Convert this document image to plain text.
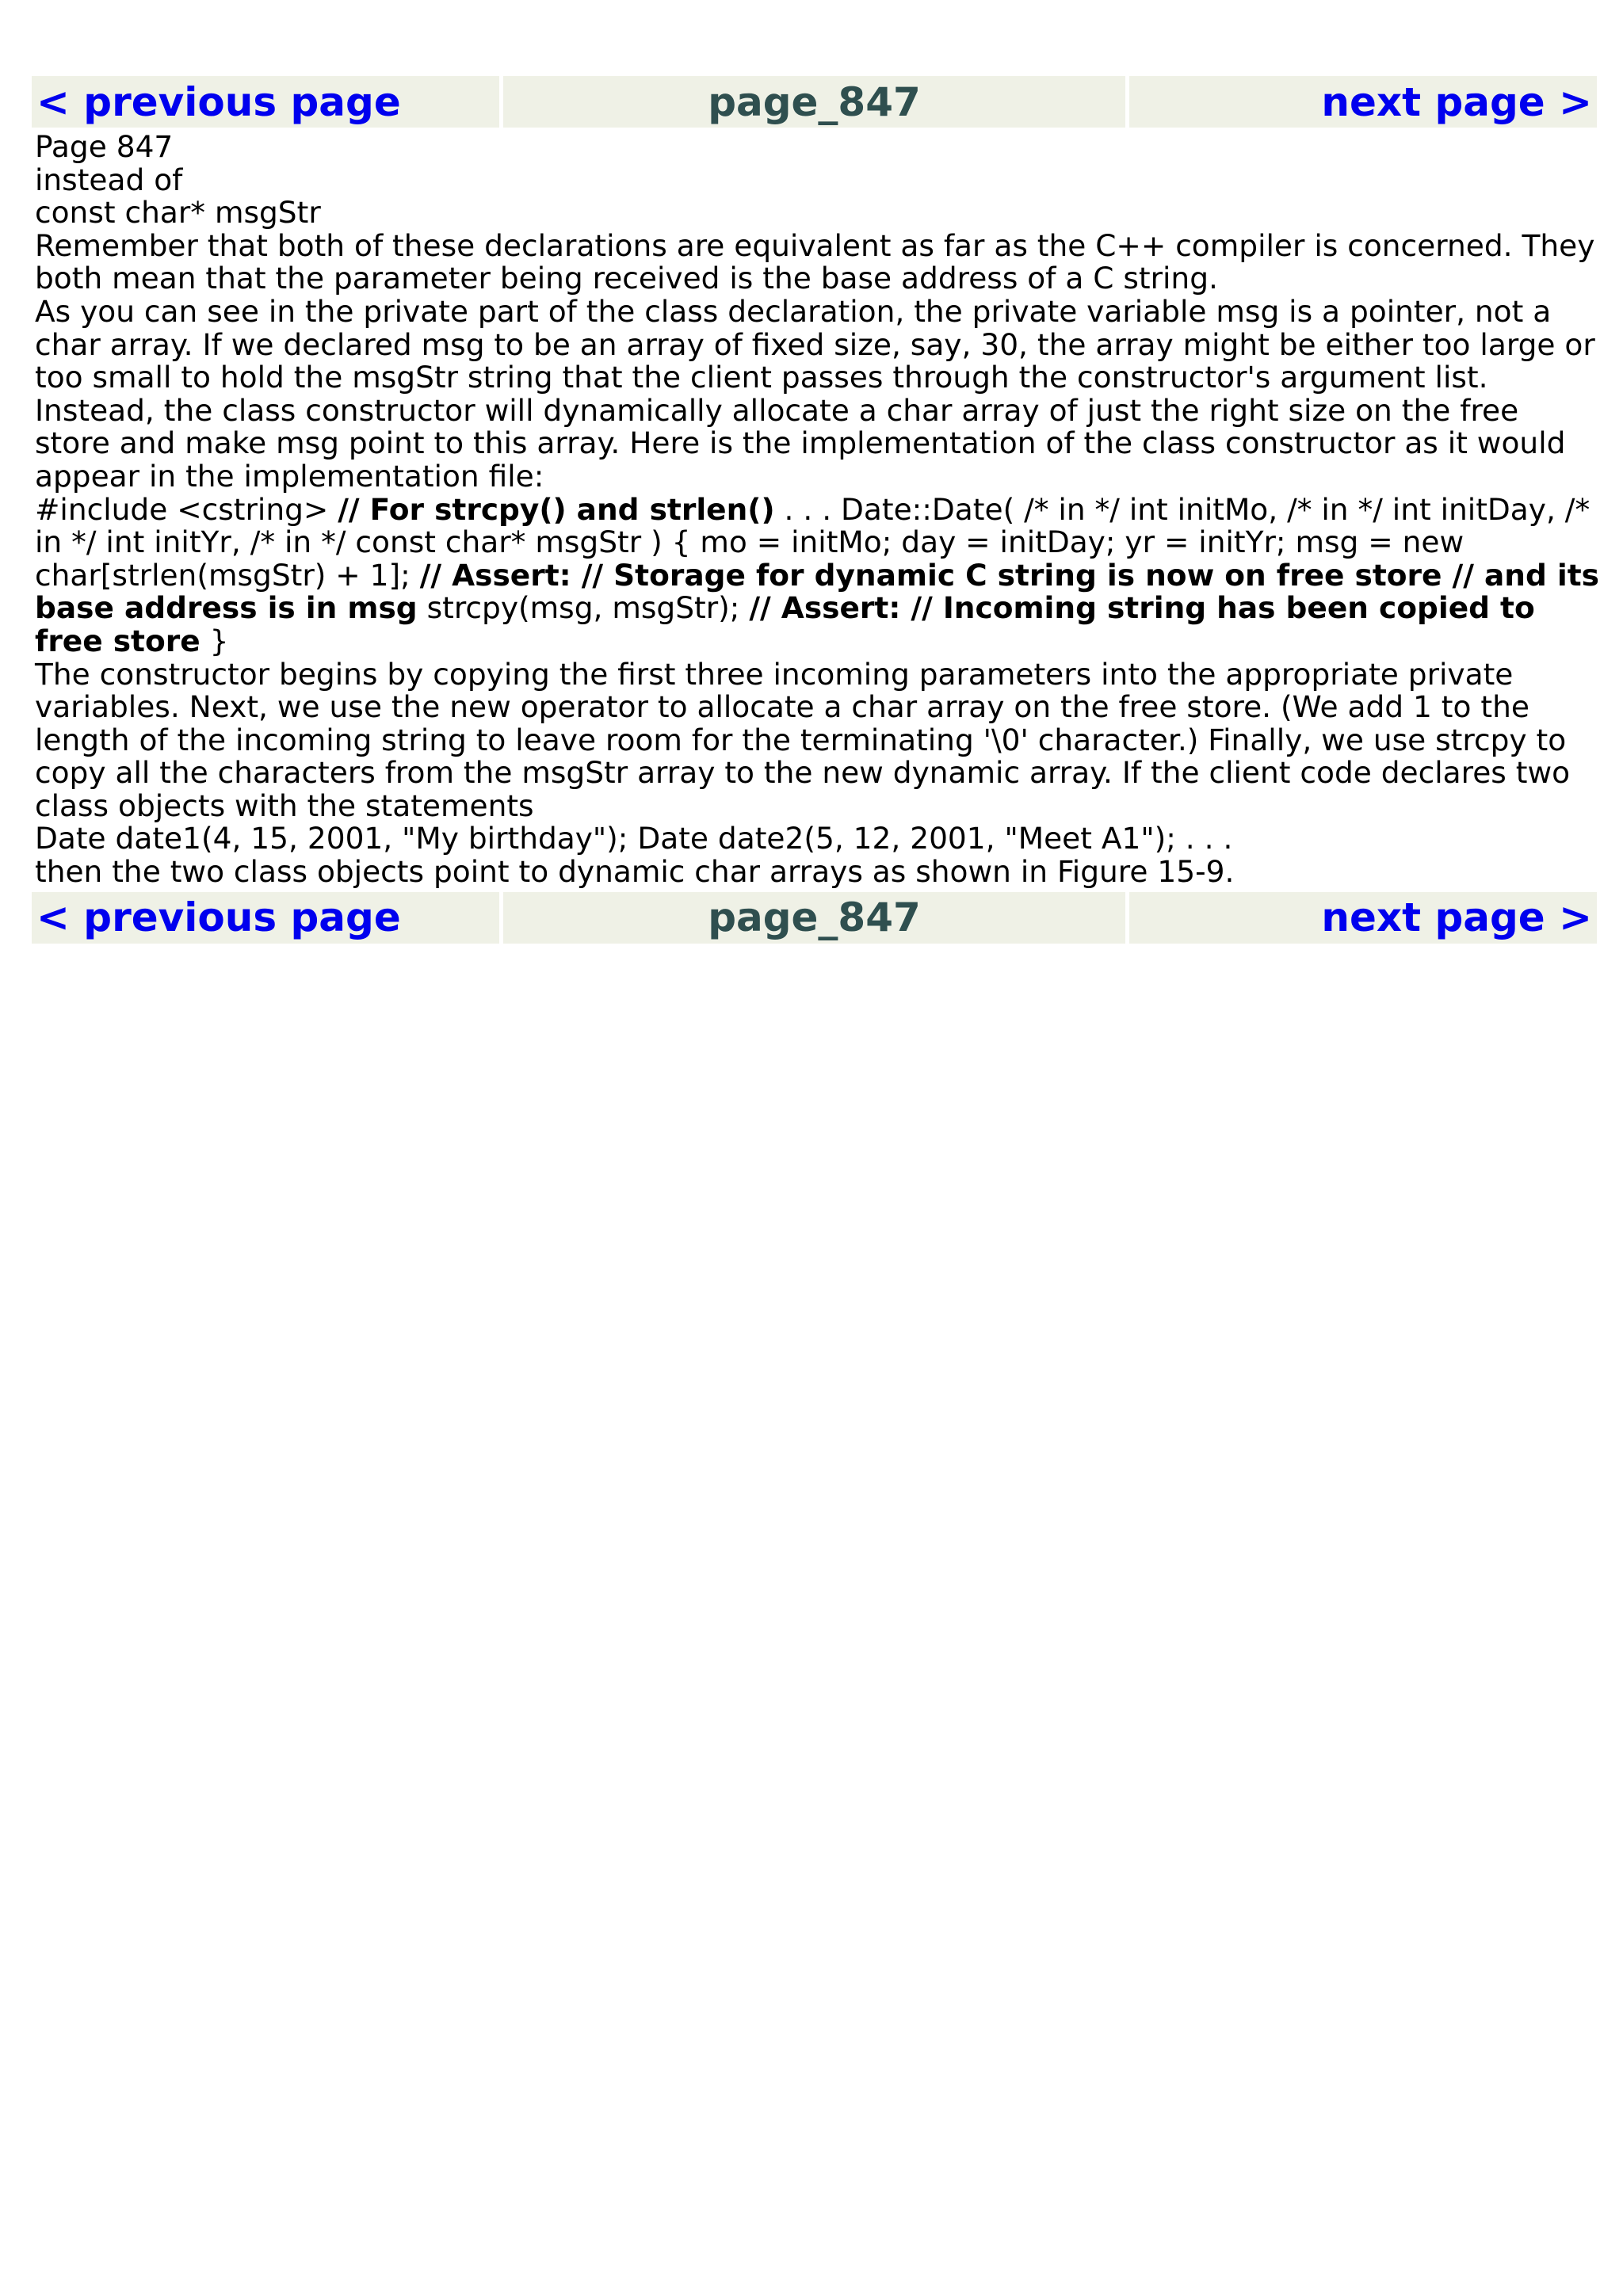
< previous page	page_847	next page >

Page 847

instead of

const char* msgStr

Remember that both of these declarations are equivalent as far as the C++ compiler is concerned. They both mean that the parameter being received is the base address of a C string.

As you can see in the private part of the class declaration, the private variable msg is a pointer, not a char array. If we declared msg to be an array of fixed size, say, 30, the array might be either too large or too small to hold the msgStr string that the client passes through the constructor's argument list. Instead, the class constructor will dynamically allocate a char array of just the right size on the free store and make msg point to this array. Here is the implementation of the class constructor as it would appear in the implementation file:

#include <cstring> // For strcpy() and strlen() . . . Date::Date( /* in */ int initMo, /* in */ int initDay, /* in */ int initYr, /* in */ const char* msgStr ) { mo = initMo; day = initDay; yr = initYr; msg = new char[strlen(msgStr) + 1]; // Assert: // Storage for dynamic C string is now on free store // and its base address is in msg strcpy(msg, msgStr); // Assert: // Incoming string has been copied to free store }

The constructor begins by copying the first three incoming parameters into the appropriate private variables. Next, we use the new operator to allocate a char array on the free store. (We add 1 to the length of the incoming string to leave room for the terminating '\0' character.) Finally, we use strcpy to copy all the characters from the msgStr array to the new dynamic array. If the client code declares two class objects with the statements

Date date1(4, 15, 2001, "My birthday"); Date date2(5, 12, 2001, "Meet A1"); . . .

then the two class objects point to dynamic char arrays as shown in Figure 15-9.

< previous page	page_847	next page >
